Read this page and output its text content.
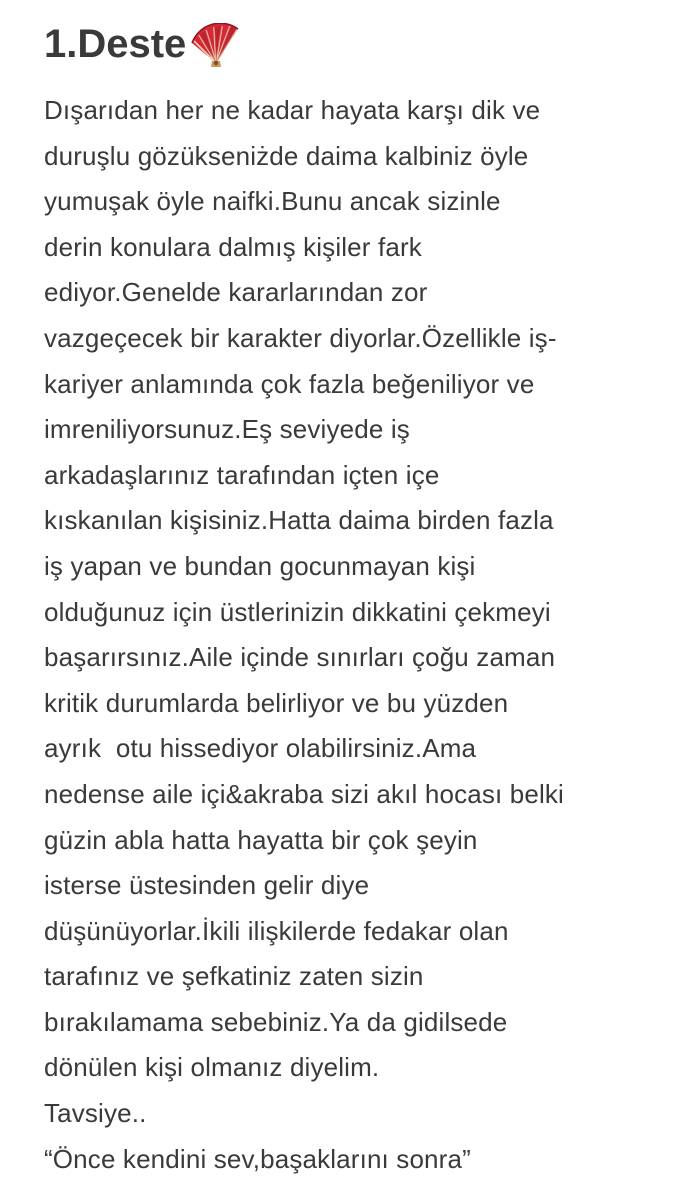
1.Deste
Dışarıdan her ne kadar hayata karşı dik ve
duruşlu gözükseniżde daima kalbiniz öyle
yumuşak öyle naifki.Bunu ancak sizinle
derin konulara dalmış kişiler fark
ediyor.Genelde kararlarından zor
vazgeçecek bir karakter diyorlar.Özellikle iş-
kariyer anlamında çok fazla beğeniliyor ve
imreniliyorsunuz.Eş seviyede iş
arkadaşlarınız tarafından içten içe
kıskanılan kişisiniz.Hatta daima birden fazla
iş yapan ve bundan gocunmayan kişi
olduğunuz için üstlerinizin dikkatini çekmeyi
başarırsınız.Aile içinde sınırları çoğu zaman
kritik durumlarda belirliyor ve bu yüzden
ayrık  otu hissediyor olabilirsiniz.Ama
nedense aile içi&akraba sizi akıl hocası belki
güzin abla hatta hayatta bir çok şeyin
isterse üstesinden gelir diye
düşünüyorlar.İkili ilişkilerde fedakar olan
tarafınız ve şefkatiniz zaten sizin
bırakılamama sebebiniz.Ya da gidilsede
dönülen kişi olmanız diyelim.
Tavsiye..
“Önce kendini sev,başaklarını sonra”
